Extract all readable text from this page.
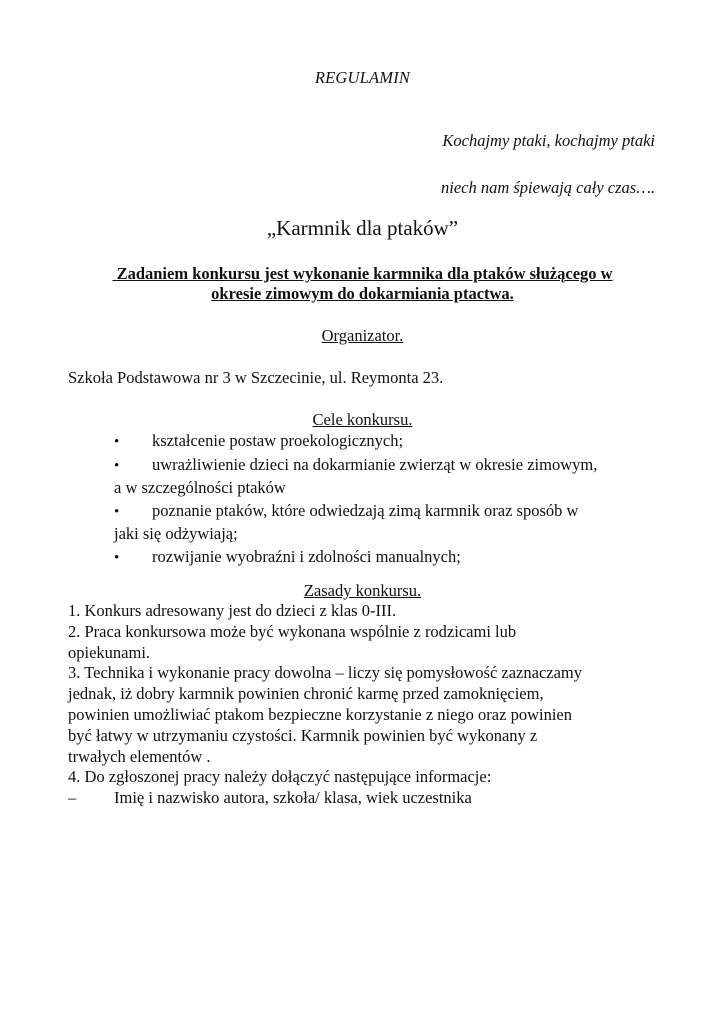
REGULAMIN
Kochajmy ptaki, kochajmy ptaki
niech nam śpiewają cały czas….
„Karmnik dla ptaków”
Zadaniem konkursu jest wykonanie karmnika dla ptaków służącego w
okresie zimowym do dokarmiania ptactwa.
Organizator.
Szkoła Podstawowa nr 3 w Szczecinie, ul. Reymonta 23.
Cele konkursu.
• kształcenie postaw proekologicznych;
• uwrażliwienie dzieci na dokarmianie zwierząt w okresie zimowym,
a w szczególności ptaków
• poznanie ptaków, które odwiedzają zimą karmnik oraz sposób w
jaki się odżywiają;
• rozwijanie wyobraźni i zdolności manualnych;
Zasady konkursu.
1. Konkurs adresowany jest do dzieci z klas 0-III.
2. Praca konkursowa może być wykonana wspólnie z rodzicami lub
opiekunami.
3. Technika i wykonanie pracy dowolna – liczy się pomysłowość zaznaczamy
jednak, iż dobry karmnik powinien chronić karmę przed zamoknięciem,
powinien umożliwiać ptakom bezpieczne korzystanie z niego oraz powinien
być łatwy w utrzymaniu czystości. Karmnik powinien być wykonany z
trwałych elementów .
4. Do zgłoszonej pracy należy dołączyć następujące informacje:
– Imię i nazwisko autora, szkoła/ klasa, wiek uczestnika
